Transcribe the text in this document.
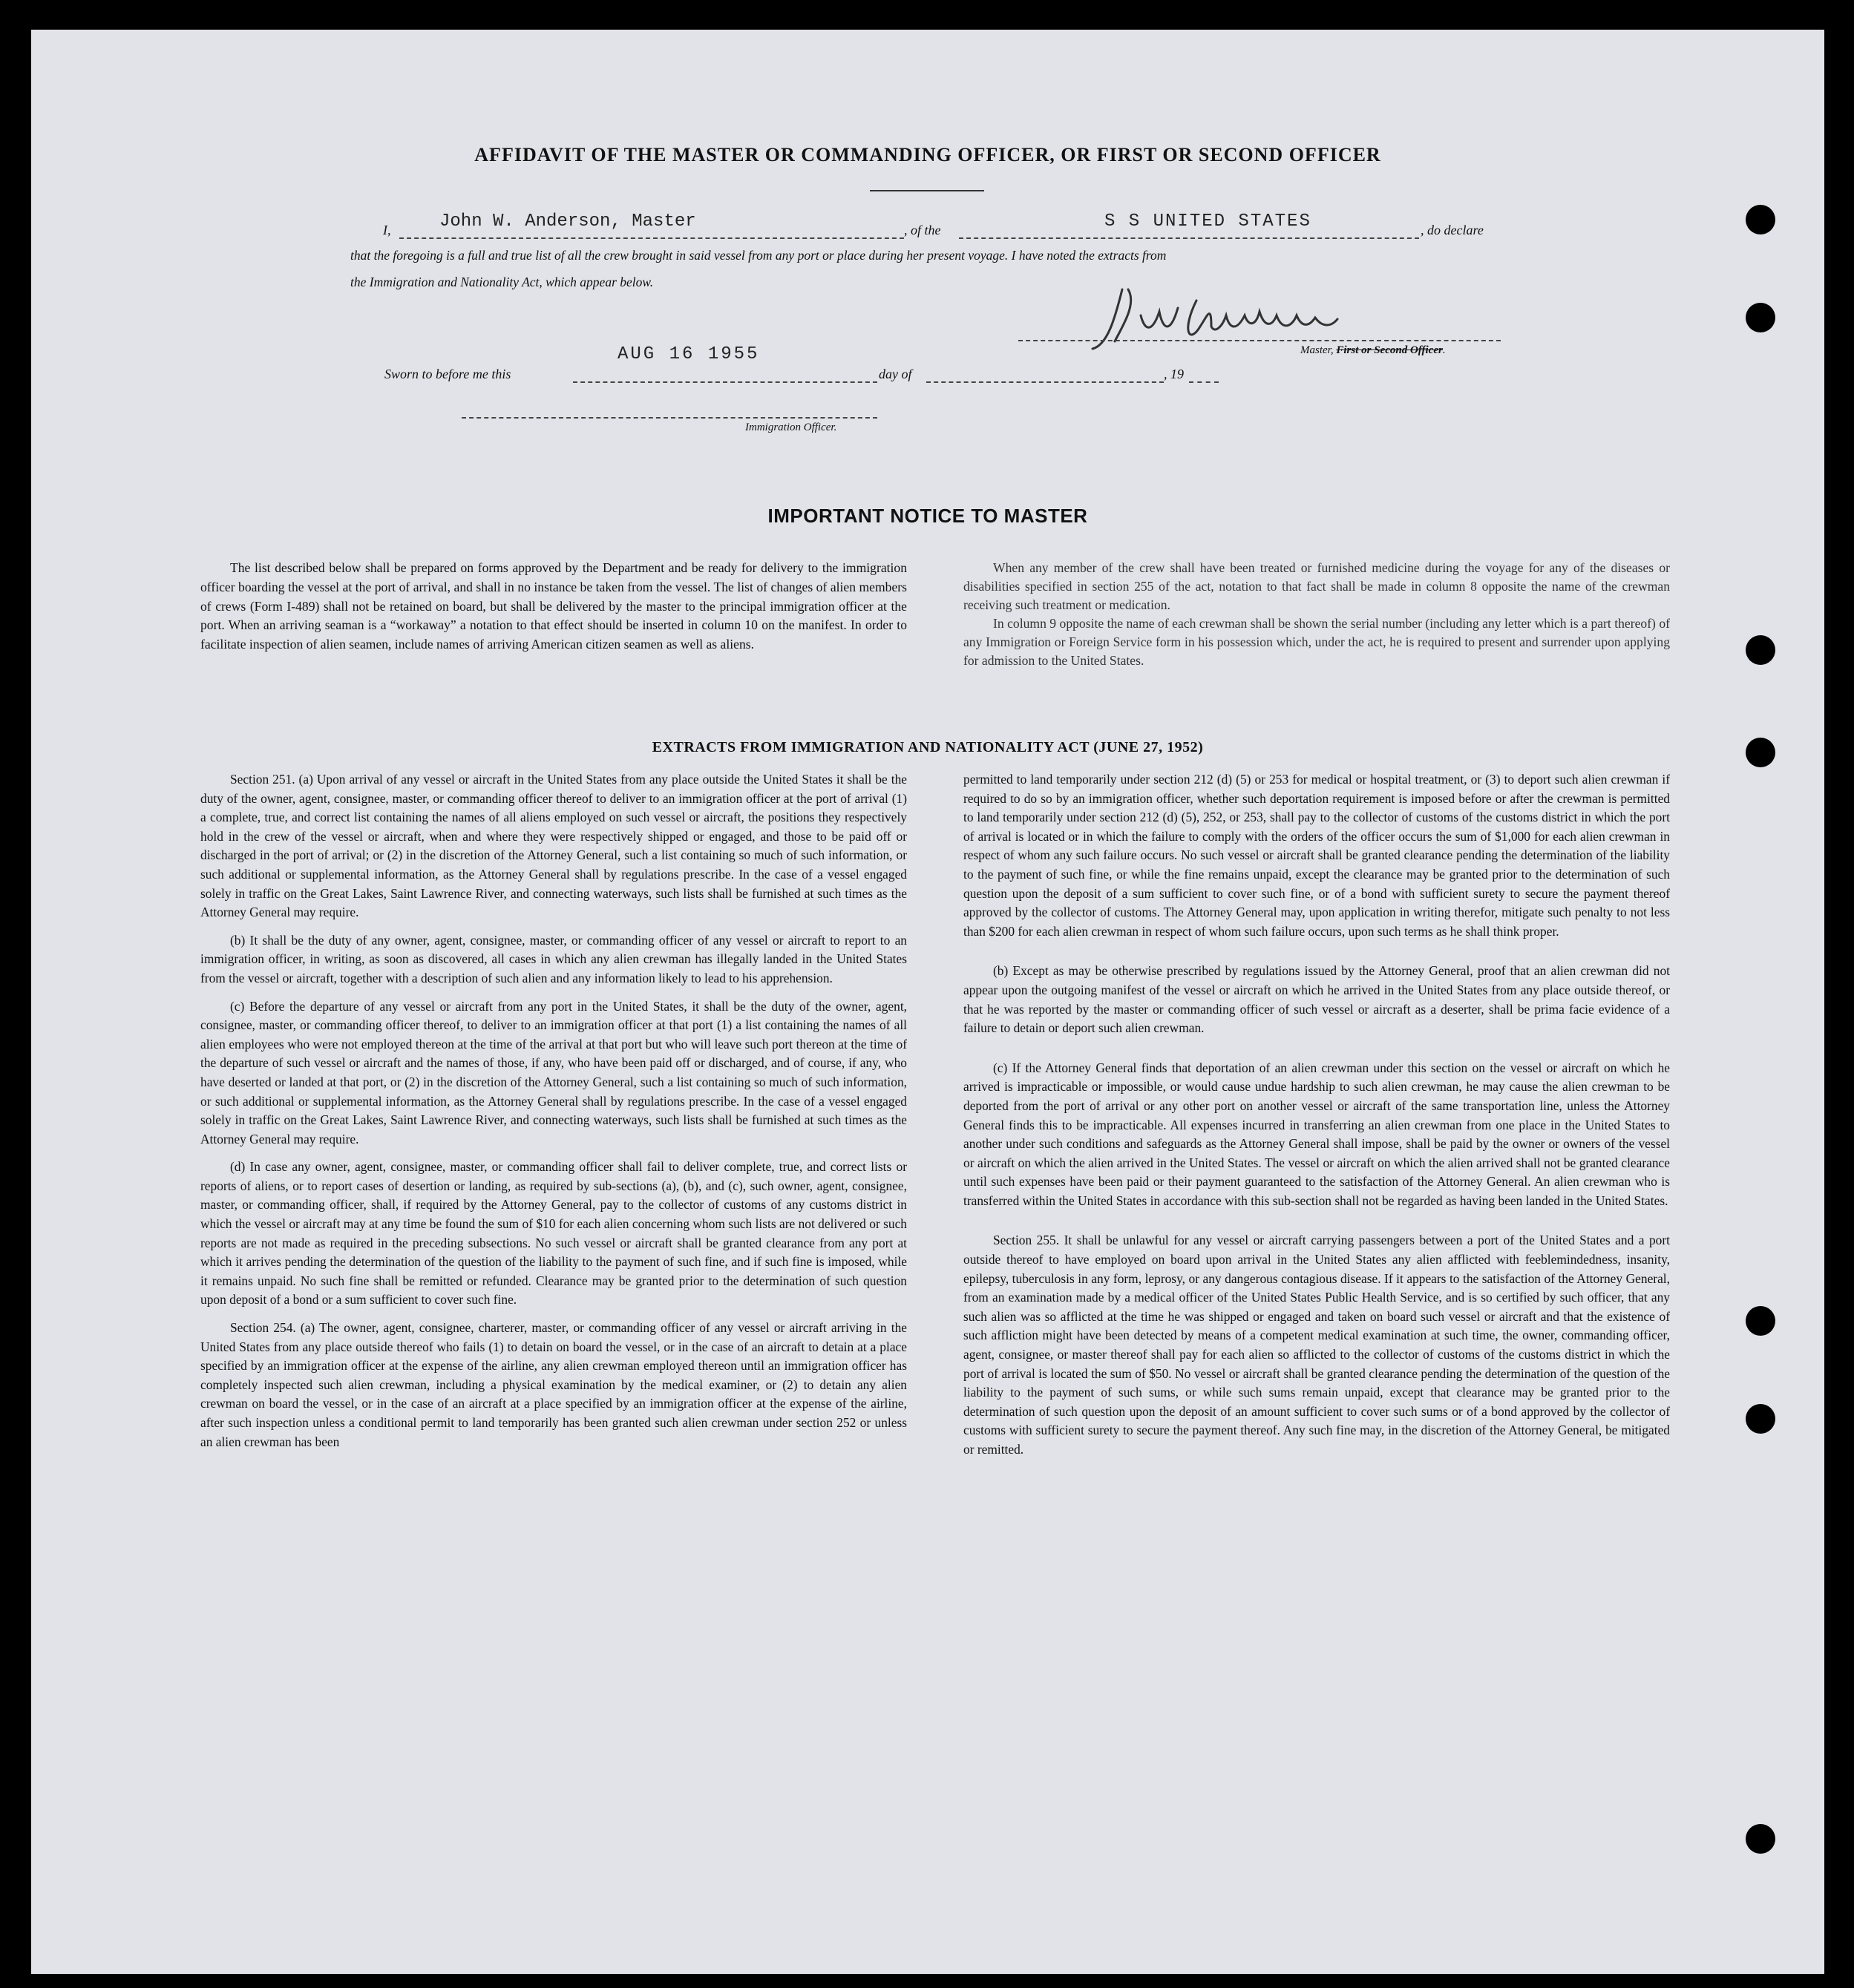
AFFIDAVIT OF THE MASTER OR COMMANDING OFFICER, OR FIRST OR SECOND OFFICER
I,	John W. Anderson, Master	, of the	S S UNITED STATES	, do declare
that the foregoing is a full and true list of all the crew brought in said vessel from any port or place during her present voyage. I have noted the extracts from
the Immigration and Nationality Act, which appear below.
Master, First or Second Officer.
AUG 16 1955
Sworn to before me this	day of	, 19
Immigration Officer.
IMPORTANT NOTICE TO MASTER

The list described below shall be prepared on forms approved by the Department and be ready for delivery to the immigration officer boarding the vessel at the port of arrival, and shall in no instance be taken from the vessel. The list of changes of alien members of crews (Form I-489) shall not be retained on board, but shall be delivered by the master to the principal immigration officer at the port. When an arriving seaman is a “workaway” a notation to that effect should be inserted in column 10 on the manifest. In order to facilitate inspection of alien seamen, include names of arriving American citizen seamen as well as aliens.

When any member of the crew shall have been treated or furnished medicine during the voyage for any of the diseases or disabilities specified in section 255 of the act, notation to that fact shall be made in column 8 opposite the name of the crewman receiving such treatment or medication.

In column 9 opposite the name of each crewman shall be shown the serial number (including any letter which is a part thereof) of any Immigration or Foreign Service form in his possession which, under the act, he is required to present and surrender upon applying for admission to the United States.

EXTRACTS FROM IMMIGRATION AND NATIONALITY ACT (JUNE 27, 1952)

Section 251. (a) Upon arrival of any vessel or aircraft in the United States from any place outside the United States it shall be the duty of the owner, agent, consignee, master, or commanding officer thereof to deliver to an immigration officer at the port of arrival (1) a complete, true, and correct list containing the names of all aliens employed on such vessel or aircraft, the positions they respectively hold in the crew of the vessel or aircraft, when and where they were respectively shipped or engaged, and those to be paid off or discharged in the port of arrival; or (2) in the discretion of the Attorney General, such a list containing so much of such information, or such additional or supplemental information, as the Attorney General shall by regulations prescribe. In the case of a vessel engaged solely in traffic on the Great Lakes, Saint Lawrence River, and connecting waterways, such lists shall be furnished at such times as the Attorney General may require.

(b) It shall be the duty of any owner, agent, consignee, master, or commanding officer of any vessel or aircraft to report to an immigration officer, in writing, as soon as discovered, all cases in which any alien crewman has illegally landed in the United States from the vessel or aircraft, together with a description of such alien and any information likely to lead to his apprehension.

(c) Before the departure of any vessel or aircraft from any port in the United States, it shall be the duty of the owner, agent, consignee, master, or commanding officer thereof, to deliver to an immigration officer at that port (1) a list containing the names of all alien employees who were not employed thereon at the time of the arrival at that port but who will leave such port thereon at the time of the departure of such vessel or aircraft and the names of those, if any, who have been paid off or discharged, and of course, if any, who have deserted or landed at that port, or (2) in the discretion of the Attorney General, such a list containing so much of such information, or such additional or supplemental information, as the Attorney General shall by regulations prescribe. In the case of a vessel engaged solely in traffic on the Great Lakes, Saint Lawrence River, and connecting waterways, such lists shall be furnished at such times as the Attorney General may require.

(d) In case any owner, agent, consignee, master, or commanding officer shall fail to deliver complete, true, and correct lists or reports of aliens, or to report cases of desertion or landing, as required by sub-sections (a), (b), and (c), such owner, agent, consignee, master, or commanding officer, shall, if required by the Attorney General, pay to the collector of customs of any customs district in which the vessel or aircraft may at any time be found the sum of $10 for each alien concerning whom such lists are not delivered or such reports are not made as required in the preceding subsections. No such vessel or aircraft shall be granted clearance from any port at which it arrives pending the determination of the question of the liability to the payment of such fine, and if such fine is imposed, while it remains unpaid. No such fine shall be remitted or refunded. Clearance may be granted prior to the determination of such question upon deposit of a bond or a sum sufficient to cover such fine.

Section 254. (a) The owner, agent, consignee, charterer, master, or commanding officer of any vessel or aircraft arriving in the United States from any place outside thereof who fails (1) to detain on board the vessel, or in the case of an aircraft to detain at a place specified by an immigration officer at the expense of the airline, any alien crewman employed thereon until an immigration officer has completely inspected such alien crewman, including a physical examination by the medical examiner, or (2) to detain any alien crewman on board the vessel, or in the case of an aircraft at a place specified by an immigration officer at the expense of the airline, after such inspection unless a conditional permit to land temporarily has been granted such alien crewman under section 252 or unless an alien crewman has been

permitted to land temporarily under section 212 (d) (5) or 253 for medical or hospital treatment, or (3) to deport such alien crewman if required to do so by an immigration officer, whether such deportation requirement is imposed before or after the crewman is permitted to land temporarily under section 212 (d) (5), 252, or 253, shall pay to the collector of customs of the customs district in which the port of arrival is located or in which the failure to comply with the orders of the officer occurs the sum of $1,000 for each alien crewman in respect of whom any such failure occurs. No such vessel or aircraft shall be granted clearance pending the determination of the liability to the payment of such fine, or while the fine remains unpaid, except the clearance may be granted prior to the determination of such question upon the deposit of a sum sufficient to cover such fine, or of a bond with sufficient surety to secure the payment thereof approved by the collector of customs. The Attorney General may, upon application in writing therefor, mitigate such penalty to not less than $200 for each alien crewman in respect of whom such failure occurs, upon such terms as he shall think proper.

(b) Except as may be otherwise prescribed by regulations issued by the Attorney General, proof that an alien crewman did not appear upon the outgoing manifest of the vessel or aircraft on which he arrived in the United States from any place outside thereof, or that he was reported by the master or commanding officer of such vessel or aircraft as a deserter, shall be prima facie evidence of a failure to detain or deport such alien crewman.

(c) If the Attorney General finds that deportation of an alien crewman under this section on the vessel or aircraft on which he arrived is impracticable or impossible, or would cause undue hardship to such alien crewman, he may cause the alien crewman to be deported from the port of arrival or any other port on another vessel or aircraft of the same transportation line, unless the Attorney General finds this to be impracticable. All expenses incurred in transferring an alien crewman from one place in the United States to another under such conditions and safeguards as the Attorney General shall impose, shall be paid by the owner or owners of the vessel or aircraft on which the alien arrived in the United States. The vessel or aircraft on which the alien arrived shall not be granted clearance until such expenses have been paid or their payment guaranteed to the satisfaction of the Attorney General. An alien crewman who is transferred within the United States in accordance with this sub-section shall not be regarded as having been landed in the United States.

Section 255. It shall be unlawful for any vessel or aircraft carrying passengers between a port of the United States and a port outside thereof to have employed on board upon arrival in the United States any alien afflicted with feeblemindedness, insanity, epilepsy, tuberculosis in any form, leprosy, or any dangerous contagious disease. If it appears to the satisfaction of the Attorney General, from an examination made by a medical officer of the United States Public Health Service, and is so certified by such officer, that any such alien was so afflicted at the time he was shipped or engaged and taken on board such vessel or aircraft and that the existence of such affliction might have been detected by means of a competent medical examination at such time, the owner, commanding officer, agent, consignee, or master thereof shall pay for each alien so afflicted to the collector of customs of the customs district in which the port of arrival is located the sum of $50. No vessel or aircraft shall be granted clearance pending the determination of the question of the liability to the payment of such sums, or while such sums remain unpaid, except that clearance may be granted prior to the determination of such question upon the deposit of an amount sufficient to cover such sums or of a bond approved by the collector of customs with sufficient surety to secure the payment thereof. Any such fine may, in the discretion of the Attorney General, be mitigated or remitted.
